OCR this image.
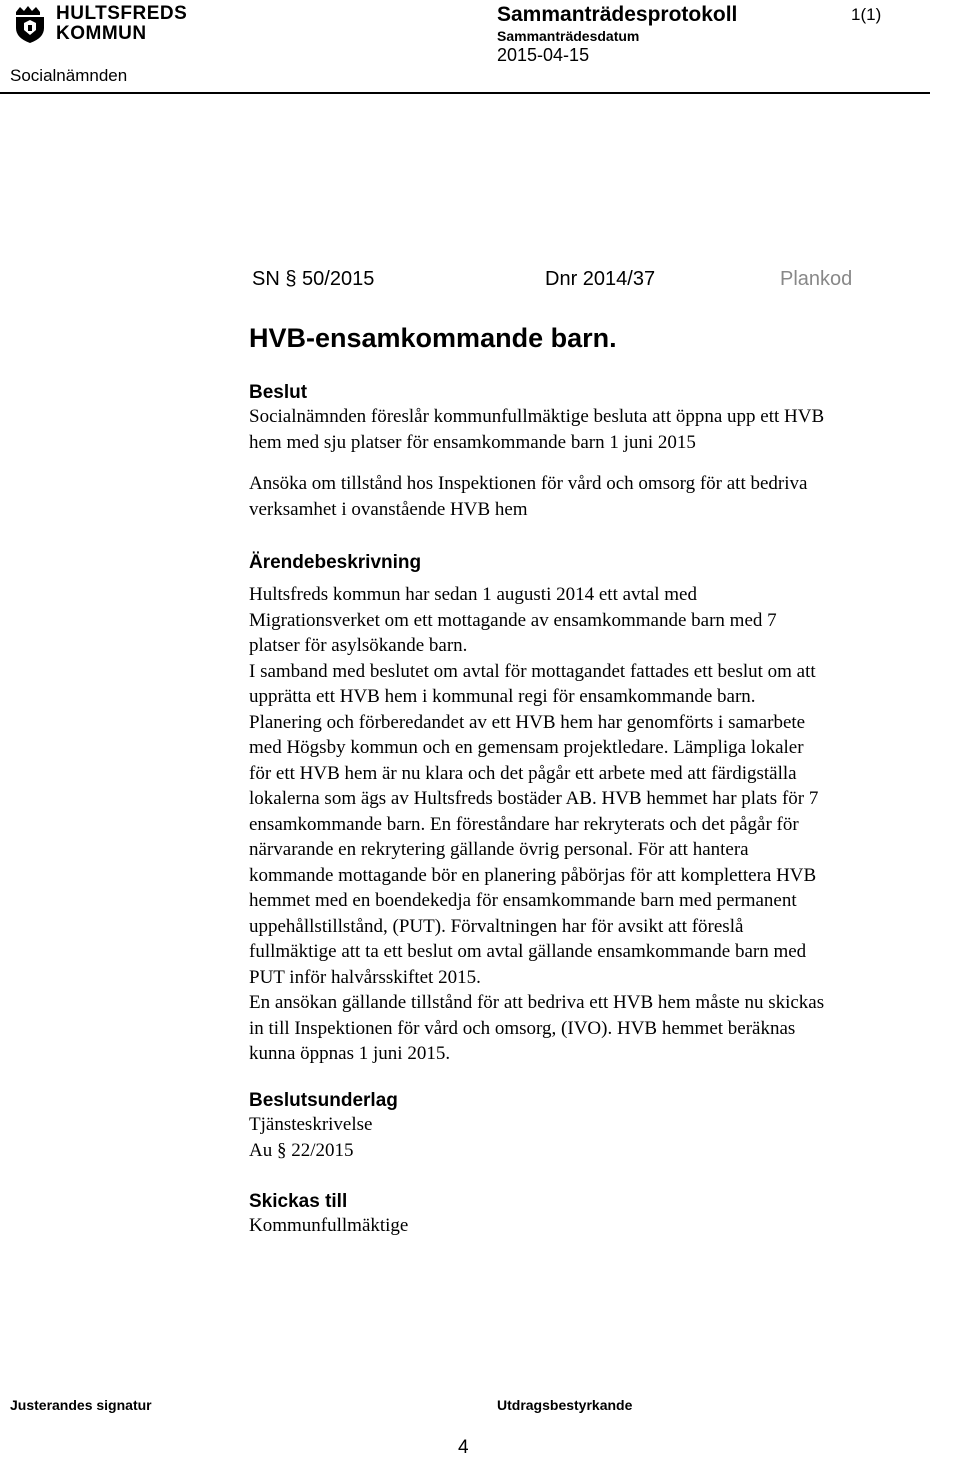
HULTSFREDS
KOMMUN
Socialnämnden
Sammanträdesprotokoll
Sammanträdesdatum
2015-04-15
1(1)
SN § 50/2015	Dnr 2014/37	Plankod
HVB-ensamkommande barn.
Beslut
Socialnämnden föreslår kommunfullmäktige besluta att öppna upp ett HVB
hem med sju platser för ensamkommande barn 1 juni 2015
Ansöka om tillstånd hos Inspektionen för vård och omsorg för att bedriva
verksamhet i ovanstående HVB hem
Ärendebeskrivning
Hultsfreds kommun har sedan 1 augusti 2014 ett avtal med
Migrationsverket om ett mottagande av ensamkommande barn med 7
platser för asylsökande barn.
I samband med beslutet om avtal för mottagandet fattades ett beslut om att
upprätta ett HVB hem i kommunal regi för ensamkommande barn.
Planering och förberedandet av ett HVB hem har genomförts i samarbete
med Högsby kommun och en gemensam projektledare. Lämpliga lokaler
för ett HVB hem är nu klara och det pågår ett arbete med att färdigställa
lokalerna som ägs av Hultsfreds bostäder AB. HVB hemmet har plats för 7
ensamkommande barn. En föreståndare har rekryterats och det pågår för
närvarande en rekrytering gällande övrig personal. För att hantera
kommande mottagande bör en planering påbörjas för att komplettera HVB
hemmet med en boendekedja för ensamkommande barn med permanent
uppehållstillstånd, (PUT). Förvaltningen har för avsikt att föreslå
fullmäktige att ta ett beslut om avtal gällande ensamkommande barn med
PUT inför halvårsskiftet 2015.
En ansökan gällande tillstånd för att bedriva ett HVB hem måste nu skickas
in till Inspektionen för vård och omsorg, (IVO). HVB hemmet beräknas
kunna öppnas 1 juni 2015.
Beslutsunderlag
Tjänsteskrivelse
Au § 22/2015
Skickas till
Kommunfullmäktige
Justerandes signatur	Utdragsbestyrkande
4
